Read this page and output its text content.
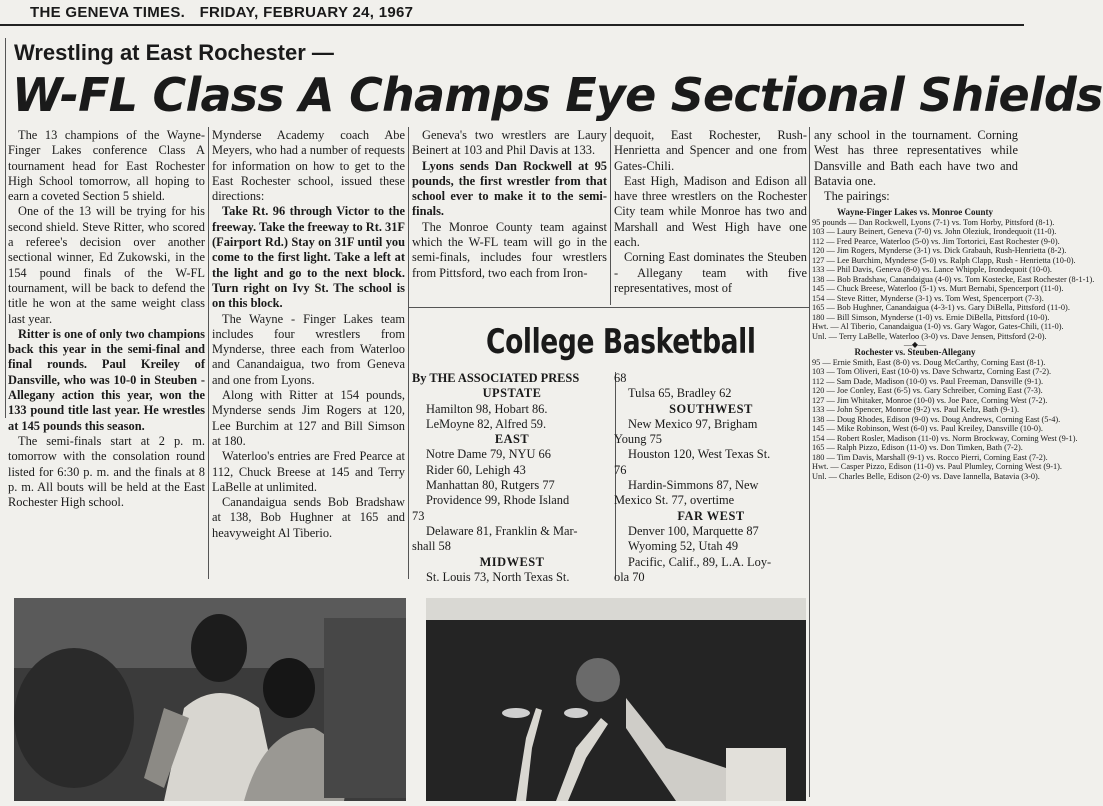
THE GENEVA TIMES. FRIDAY, FEBRUARY 24, 1967
Wrestling at East Rochester —
W-FL Class A Champs Eye Sectional Shields

The 13 champions of the Wayne-Finger Lakes conference Class A tournament head for East Rochester High School tomorrow, all hoping to earn a coveted Section 5 shield.

One of the 13 will be trying for his second shield. Steve Ritter, who scored a referee's decision over another sectional winner, Ed Zukowski, in the 154 pound finals of the W-FL tournament, will be back to defend the title he won at the same weight class last year.

Ritter is one of only two champions back this year in the semi-final and final rounds. Paul Kreiley of Dansville, who was 10-0 in Steuben - Allegany action this year, won the 133 pound title last year. He wrestles at 145 pounds this season.

The semi-finals start at 2 p. m. tomorrow with the consolation round listed for 6:30 p. m. and the finals at 8 p. m. All bouts will be held at the East Rochester High school.

Mynderse Academy coach Abe Meyers, who had a number of requests for information on how to get to the East Rochester school, issued these directions:

Take Rt. 96 through Victor to the freeway. Take the freeway to Rt. 31F (Fairport Rd.) Stay on 31F until you come to the first light. Take a left at the light and go to the next block. Turn right on Ivy St. The school is on this block.

The Wayne - Finger Lakes team includes four wrestlers from Mynderse, three each from Waterloo and Canandaigua, two from Geneva and one from Lyons.

Along with Ritter at 154 pounds, Mynderse sends Jim Rogers at 120, Lee Burchim at 127 and Bill Simson at 180.

Waterloo's entries are Fred Pearce at 112, Chuck Breese at 145 and Terry LaBelle at unlimited.

Canandaigua sends Bob Bradshaw at 138, Bob Hughner at 165 and heavyweight Al Tiberio.

Geneva's two wrestlers are Laury Beinert at 103 and Phil Davis at 133.

Lyons sends Dan Rockwell at 95 pounds, the first wrestler from that school ever to make it to the semi-finals.

The Monroe County team against which the W-FL team will go in the semi-finals, includes four wrestlers from Pittsford, two each from Iron-

dequoit, East Rochester, Rush-Henrietta and Spencer and one from Gates-Chili.

East High, Madison and Edison all have three wrestlers on the Rochester City team while Monroe has two and Marshall and West High have one each.

Corning East dominates the Steuben - Allegany team with five representatives, most of

any school in the tournament. Corning West has three representatives while Dansville and Bath each have two and Batavia one.

The pairings:

Wayne-Finger Lakes vs. Monroe County
95 pounds — Dan Rockwell, Lyons (7-1) vs. Tom Horby, Pittsford (8-1).
103 — Laury Beinert, Geneva (7-0) vs. John Oleziuk, Irondequoit (11-0).
112 — Fred Pearce, Waterloo (5-0) vs. Jim Tortorici, East Rochester (9-0).
120 — Jim Rogers, Mynderse (3-1) vs. Dick Grabauh, Rush-Henrietta (8-2).
127 — Lee Burchim, Mynderse (5-0) vs. Ralph Clapp, Rush - Henrietta (10-0).
133 — Phil Davis, Geneva (8-0) vs. Lance Whipple, Irondequoit (10-0).
138 — Bob Bradshaw, Canandaigua (4-0) vs. Tom Kostecke, East Rochester (8-1-1).
145 — Chuck Breese, Waterloo (5-1) vs. Murt Bernabi, Spencerport (11-0).
154 — Steve Ritter, Mynderse (3-1) vs. Tom West, Spencerport (7-3).
165 — Bob Hughner, Canandaigua (4-3-1) vs. Gary DiBella, Pittsford (11-0).
180 — Bill Simson, Mynderse (1-0) vs. Ernie DiBella, Pittsford (10-0).
Hwt. — Al Tiberio, Canandaigua (1-0) vs. Gary Wagor, Gates-Chili, (11-0).
Unl. — Terry LaBelle, Waterloo (3-0) vs. Dave Jensen, Pittsford (2-0).
—◆—
Rochester vs. Steuben-Allegany
95 — Ernie Smith, East (8-0) vs. Doug McCarthy, Corning East (8-1).
103 — Tom Oliveri, East (10-0) vs. Dave Schwartz, Corning East (7-2).
112 — Sam Dade, Madison (10-0) vs. Paul Freeman, Dansville (9-1).
120 — Joe Conley, East (6-5) vs. Gary Schreiber, Corning East (7-3).
127 — Jim Whitaker, Monroe (10-0) vs. Joe Pace, Corning West (7-2).
133 — John Spencer, Monroe (9-2) vs. Paul Keltz, Bath (9-1).
138 — Doug Rhodes, Edison (9-0) vs. Doug Andrews, Corning East (5-4).
145 — Mike Robinson, West (6-0) vs. Paul Kreiley, Dansville (10-0).
154 — Robert Rosler, Madison (11-0) vs. Norm Brockway, Corning West (9-1).
165 — Ralph Pizzo, Edison (11-0) vs. Don Timken, Bath (7-2).
180 — Tim Davis, Marshall (9-1) vs. Rocco Pierri, Corning East (7-2).
Hwt. — Casper Pizzo, Edison (11-0) vs. Paul Plumley, Corning West (9-1).
Unl. — Charles Belle, Edison (2-0) vs. Dave Iannella, Batavia (3-0).
College Basketball
By THE ASSOCIATED PRESS
UPSTATE
Hamilton 98, Hobart 86.
LeMoyne 82, Alfred 59.
EAST
Notre Dame 79, NYU 66
Rider 60, Lehigh 43
Manhattan 80, Rutgers 77
Providence 99, Rhode Island
73
Delaware 81, Franklin & Mar-
shall 58
MIDWEST
St. Louis 73, North Texas St.
68
Tulsa 65, Bradley 62
SOUTHWEST
New Mexico 97, Brigham
Young 75
Houston 120, West Texas St.
76
Hardin-Simmons 87, New
Mexico St. 77, overtime
FAR WEST
Denver 100, Marquette 87
Wyoming 52, Utah 49
Pacific, Calif., 89, L.A. Loy-
ola 70
